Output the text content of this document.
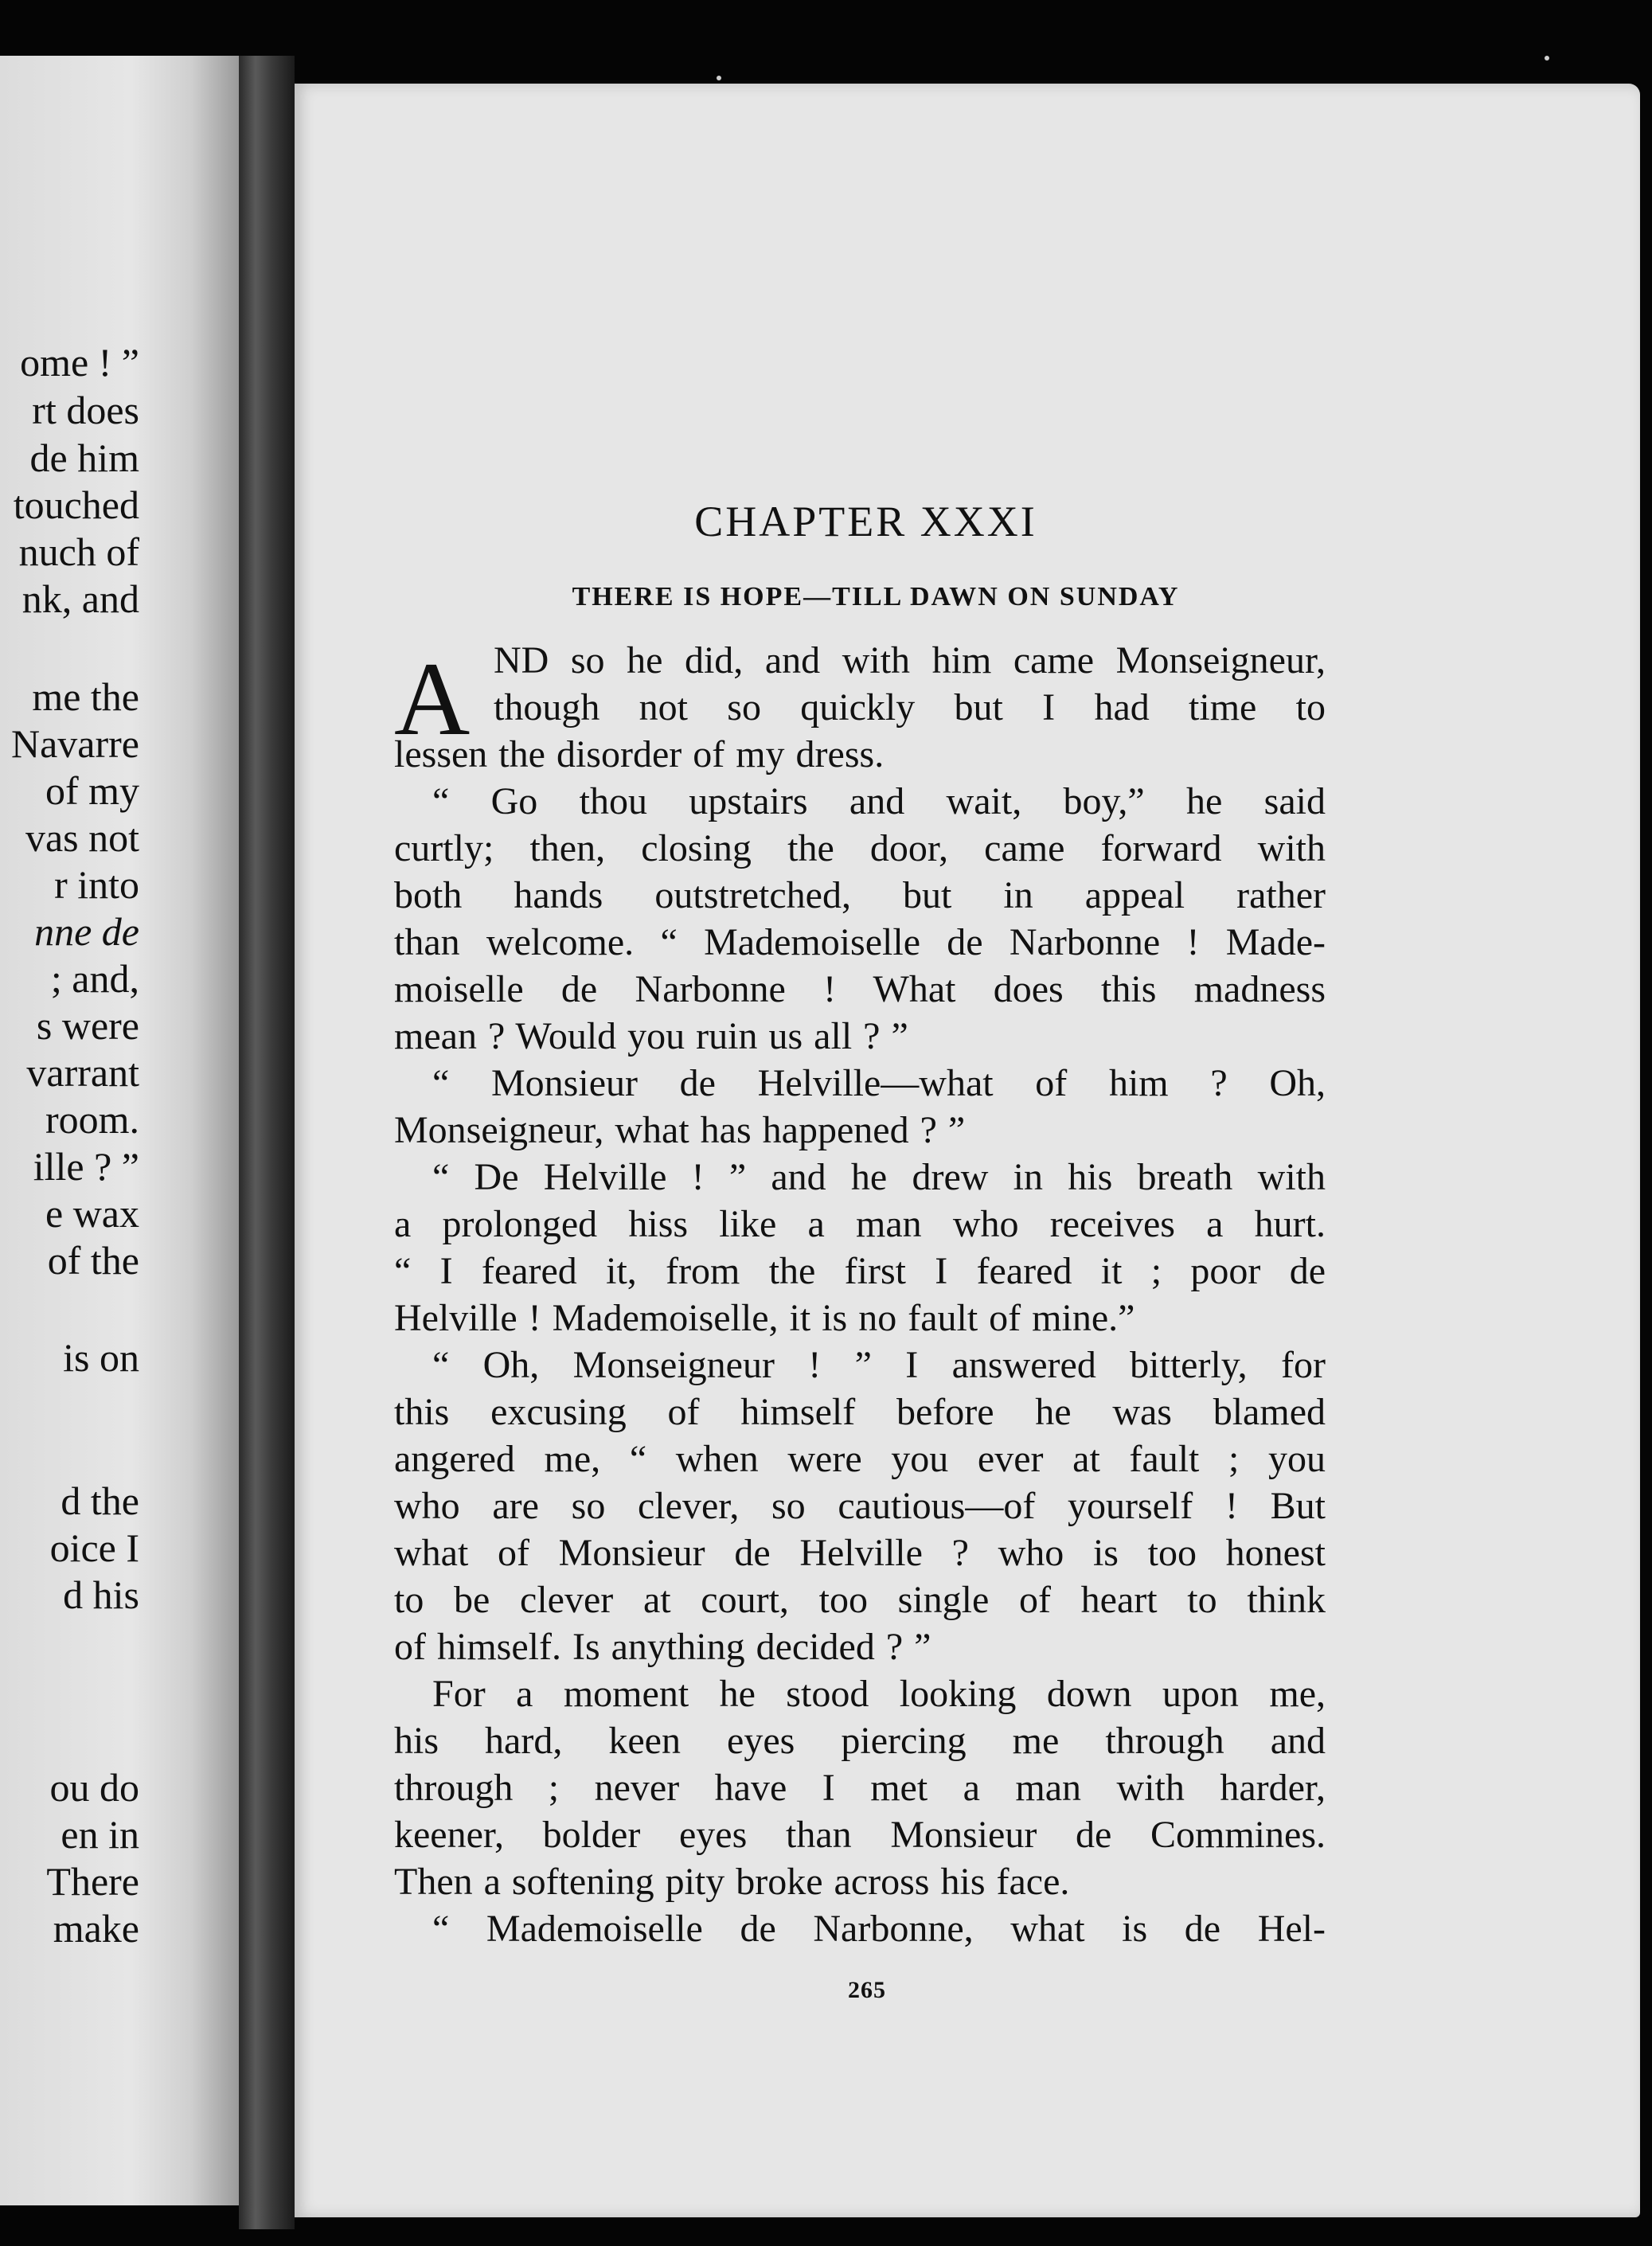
ome ! ”
rt does
de him
touched
nuch of
nk, and
me the
Navarre
of my
vas not
r into
nne de
; and,
s were
varrant
room.
ille ? ”
e wax
of the
is on
d the
oice I
d his
ou do
en in
There
make
CHAPTER XXXI
THERE IS HOPE—TILL DAWN ON SUNDAY
A ND so he did, and with him came Monseigneur,
though not so quickly but I had time to
lessen the disorder of my dress.
“ Go thou upstairs and wait, boy,” he said
curtly; then, closing the door, came forward with
both hands outstretched, but in appeal rather
than welcome. “ Mademoiselle de Narbonne ! Made-
moiselle de Narbonne ! What does this madness
mean ? Would you ruin us all ? ”
“ Monsieur de Helville—what of him ? Oh,
Monseigneur, what has happened ? ”
“ De Helville ! ” and he drew in his breath with
a prolonged hiss like a man who receives a hurt.
“ I feared it, from the first I feared it ; poor de
Helville ! Mademoiselle, it is no fault of mine.”
“ Oh, Monseigneur ! ” I answered bitterly, for
this excusing of himself before he was blamed
angered me, “ when were you ever at fault ; you
who are so clever, so cautious—of yourself ! But
what of Monsieur de Helville ? who is too honest
to be clever at court, too single of heart to think
of himself. Is anything decided ? ”
For a moment he stood looking down upon me,
his hard, keen eyes piercing me through and
through ; never have I met a man with harder,
keener, bolder eyes than Monsieur de Commines.
Then a softening pity broke across his face.
“ Mademoiselle de Narbonne, what is de Hel-
265
